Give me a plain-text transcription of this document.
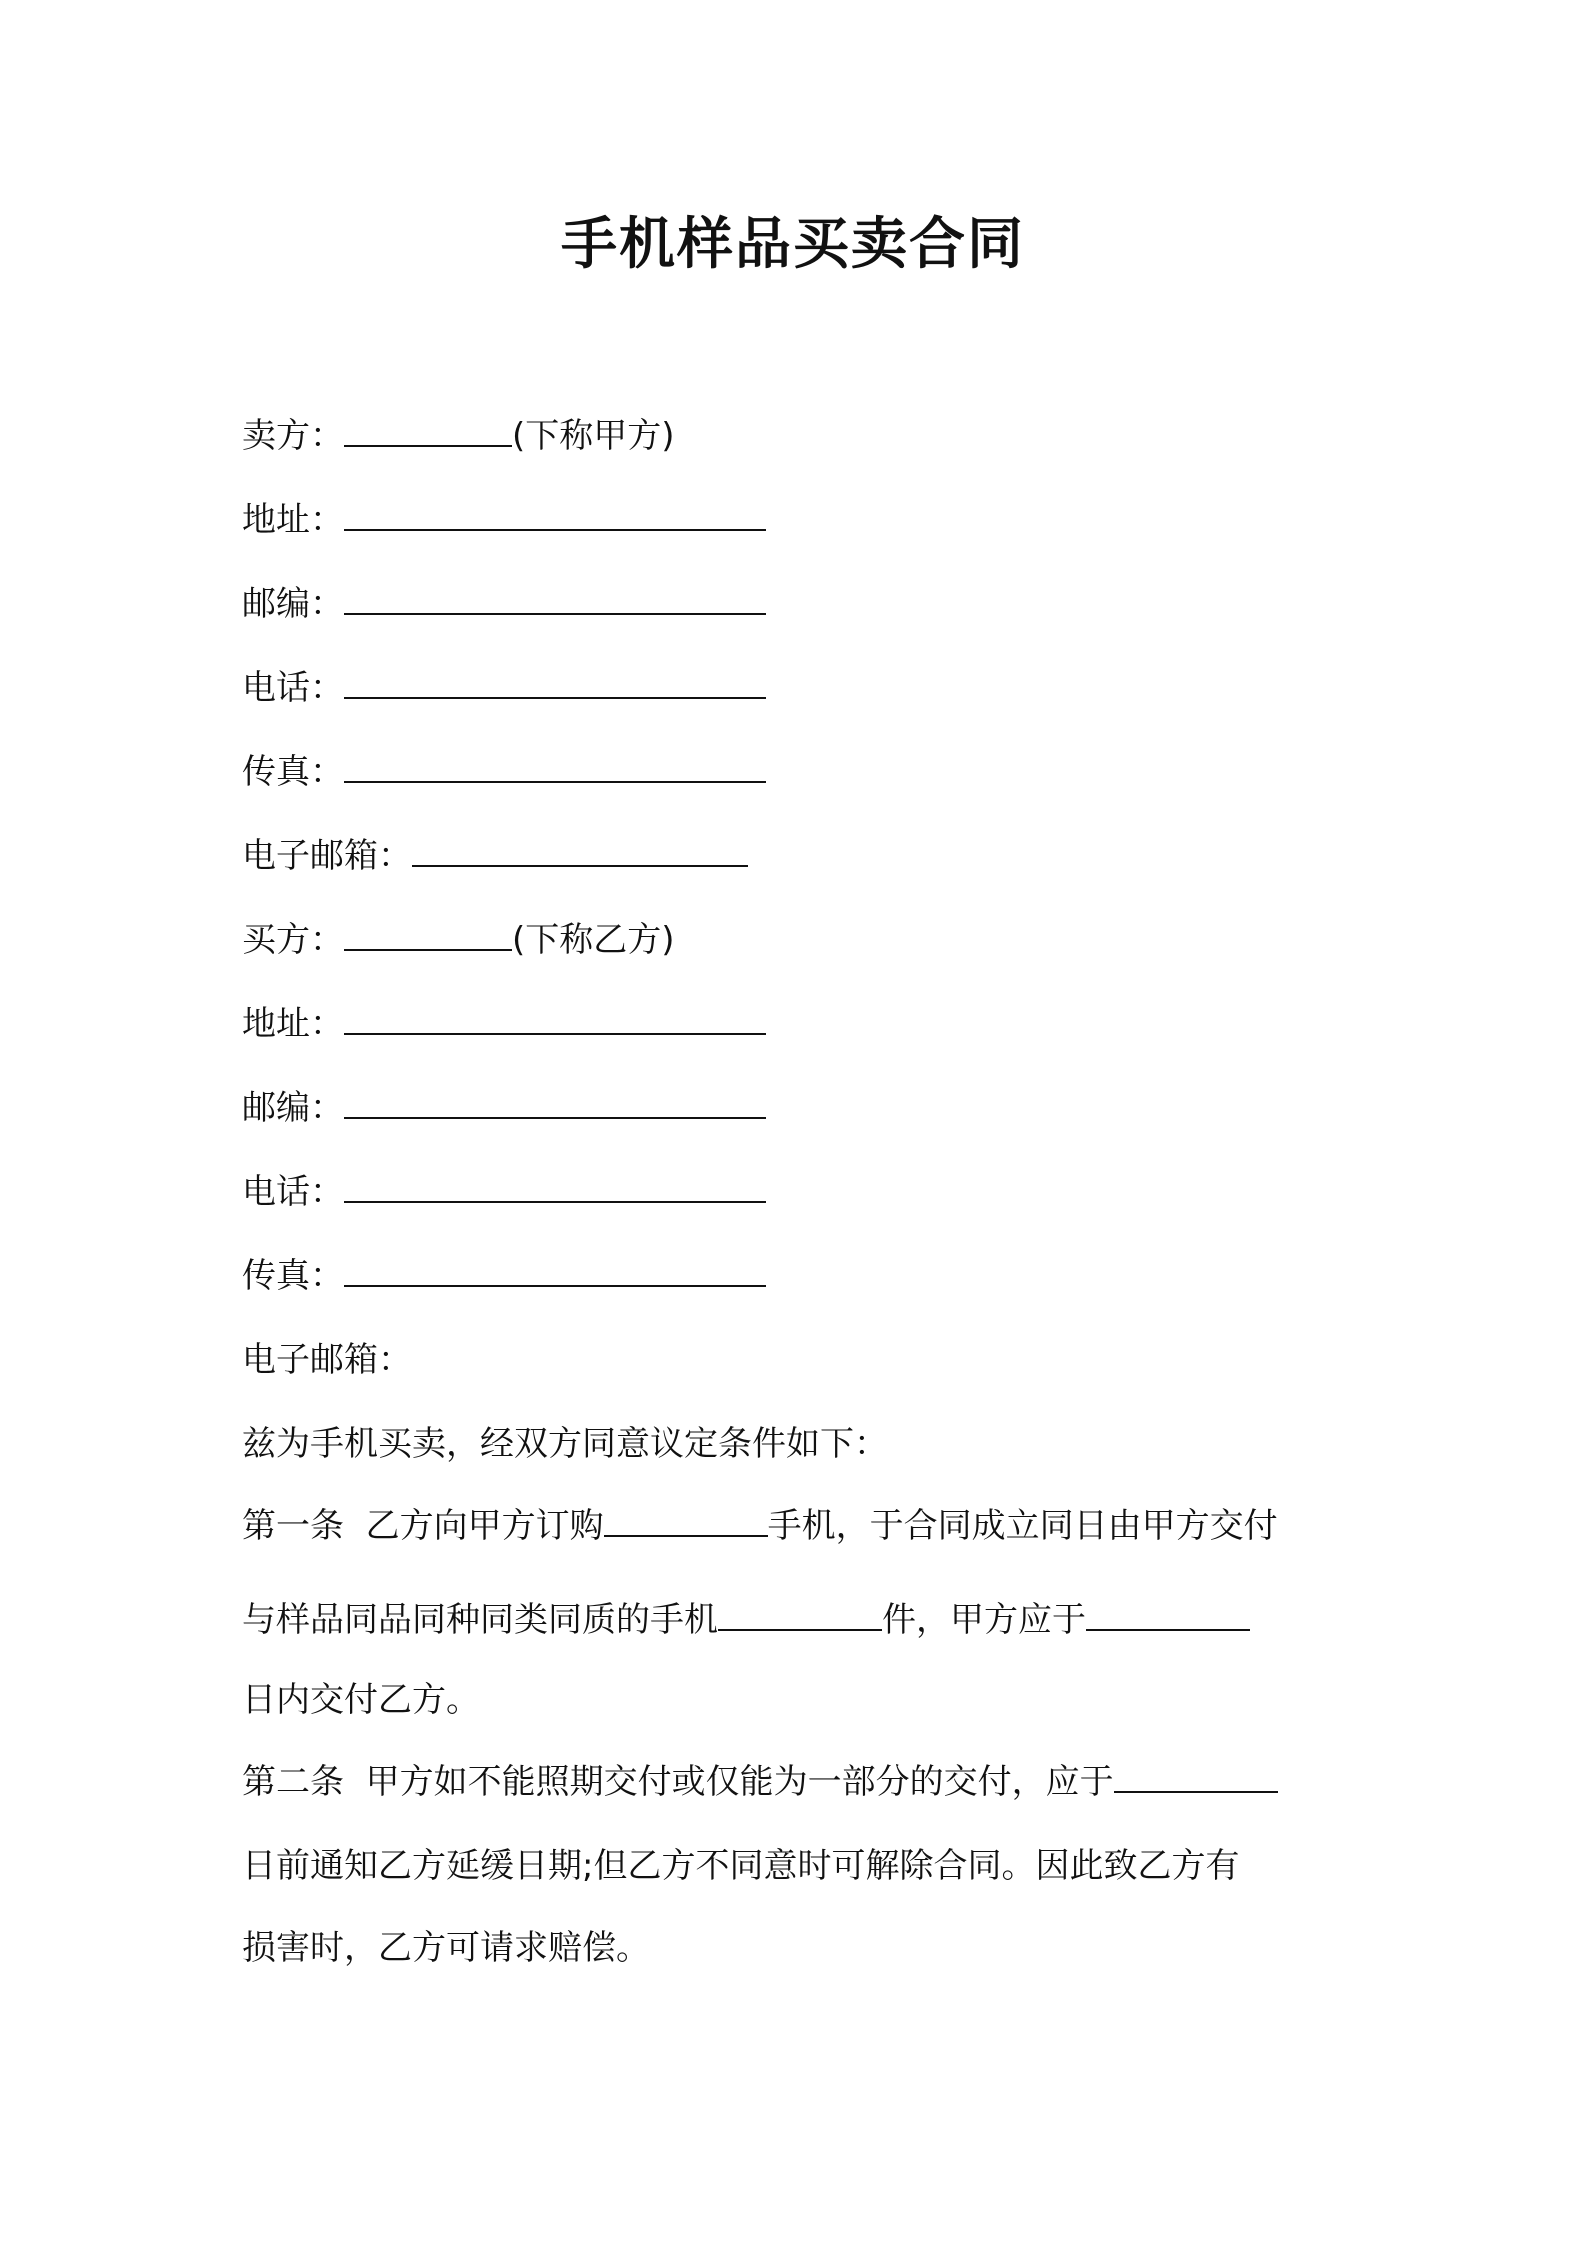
手机样品买卖合同
卖方：	(下称甲方)
地址：
邮编：
电话：
传真：
电子邮箱：
买方：	(下称乙方)
地址：
邮编：
电话：
传真：
电子邮箱：
兹为手机买卖，经双方同意议定条件如下：
第一条  乙方向甲方订购	手机，于合同成立同日由甲方交付
与样品同品同种同类同质的手机	件，甲方应于
日内交付乙方。
第二条  甲方如不能照期交付或仅能为一部分的交付，应于
日前通知乙方延缓日期;但乙方不同意时可解除合同。因此致乙方有
损害时，乙方可请求赔偿。
